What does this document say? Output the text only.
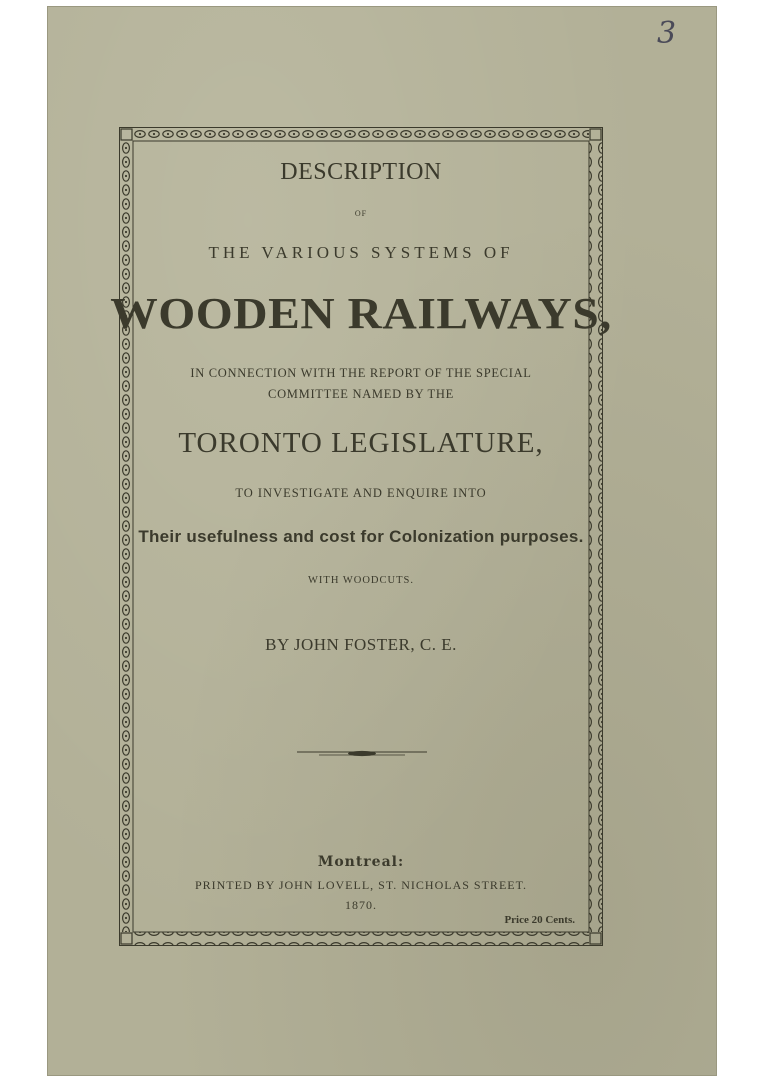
3
DESCRIPTION
OF
THE VARIOUS SYSTEMS OF
WOODEN RAILWAYS,
IN CONNECTION WITH THE REPORT OF THE SPECIAL
COMMITTEE NAMED BY THE
TORONTO LEGISLATURE,
TO INVESTIGATE AND ENQUIRE INTO
Their usefulness and cost for Colonization purposes.
WITH WOODCUTS.
BY JOHN FOSTER, C. E.
Montreal:
PRINTED BY JOHN LOVELL, ST. NICHOLAS STREET.
1870.
Price 20 Cents.
